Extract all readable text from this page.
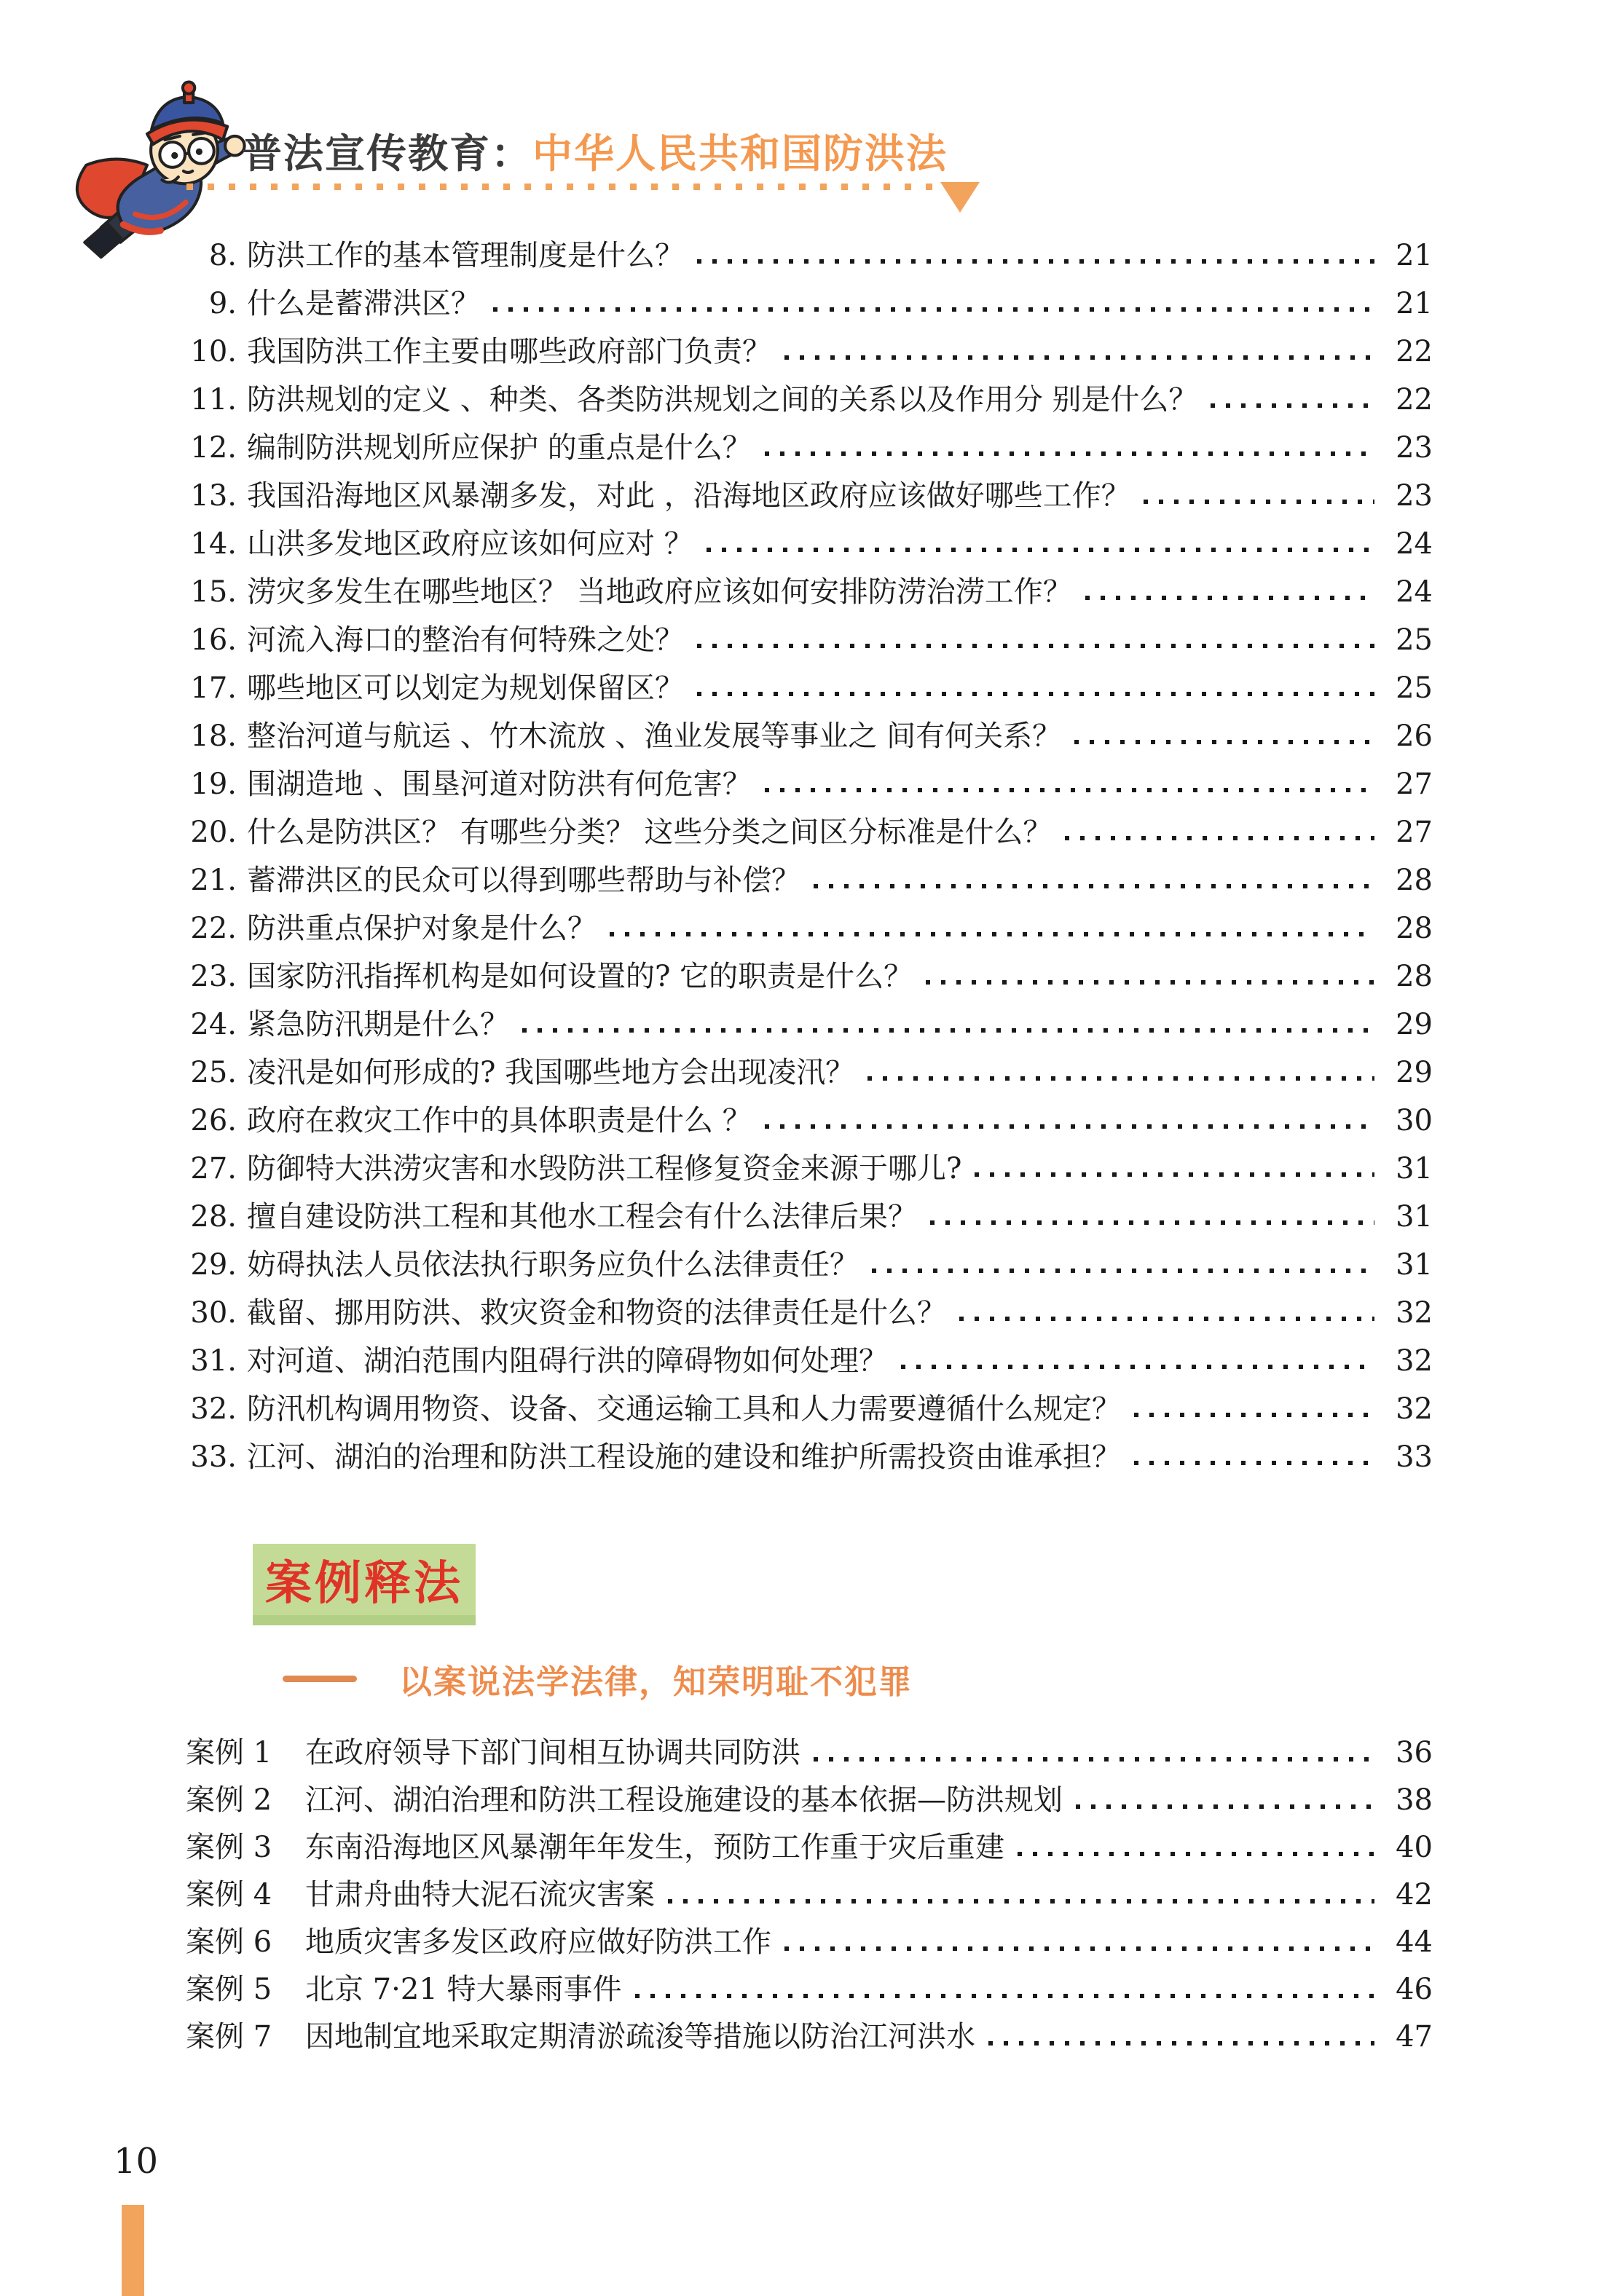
普法宣传教育：中华人民共和国防洪法
8. 防洪工作的基本管理制度是什么？	21
9. 什么是蓄滞洪区？	21
10. 我国防洪工作主要由哪些政府部门负责？	22
11. 防洪规划的定义 、种类、各类防洪规划之间的关系以及作用分 别是什么？	22
12. 编制防洪规划所应保护 的重点是什么？	23
13. 我国沿海地区风暴潮多发，对此 ，沿海地区政府应该做好哪些工作？	23
14. 山洪多发地区政府应该如何应对 ？	24
15. 涝灾多发生在哪些地区？ 当地政府应该如何安排防涝治涝工作？	24
16. 河流入海口的整治有何特殊之处？	25
17. 哪些地区可以划定为规划保留区？	25
18. 整治河道与航运 、竹木流放 、渔业发展等事业之 间有何关系？	26
19. 围湖造地 、围垦河道对防洪有何危害？	27
20. 什么是防洪区？ 有哪些分类？ 这些分类之间区分标准是什么？	27
21. 蓄滞洪区的民众可以得到哪些帮助与补偿？	28
22. 防洪重点保护对象是什么？	28
23. 国家防汛指挥机构是如何设置的? 它的职责是什么？	28
24. 紧急防汛期是什么？	29
25. 凌汛是如何形成的? 我国哪些地方会出现凌汛？	29
26. 政府在救灾工作中的具体职责是什么 ？	30
27. 防御特大洪涝灾害和水毁防洪工程修复资金来源于哪儿?	31
28. 擅自建设防洪工程和其他水工程会有什么法律后果？	31
29. 妨碍执法人员依法执行职务应负什么法律责任？	31
30. 截留、挪用防洪、救灾资金和物资的法律责任是什么？	32
31. 对河道、湖泊范围内阻碍行洪的障碍物如何处理？	32
32. 防汛机构调用物资、设备、交通运输工具和人力需要遵循什么规定？	32
33. 江河、湖泊的治理和防洪工程设施的建设和维护所需投资由谁承担？	33
案例释法
以案说法学法律，知荣明耻不犯罪
案例 1	在政府领导下部门间相互协调共同防洪	36
案例 2	江河、湖泊治理和防洪工程设施建设的基本依据—防洪规划	38
案例 3	东南沿海地区风暴潮年年发生，预防工作重于灾后重建	40
案例 4	甘肃舟曲特大泥石流灾害案	42
案例 6	地质灾害多发区政府应做好防洪工作	44
案例 5	北京 7·21 特大暴雨事件	46
案例 7	因地制宜地采取定期清淤疏浚等措施以防治江河洪水	47
10
